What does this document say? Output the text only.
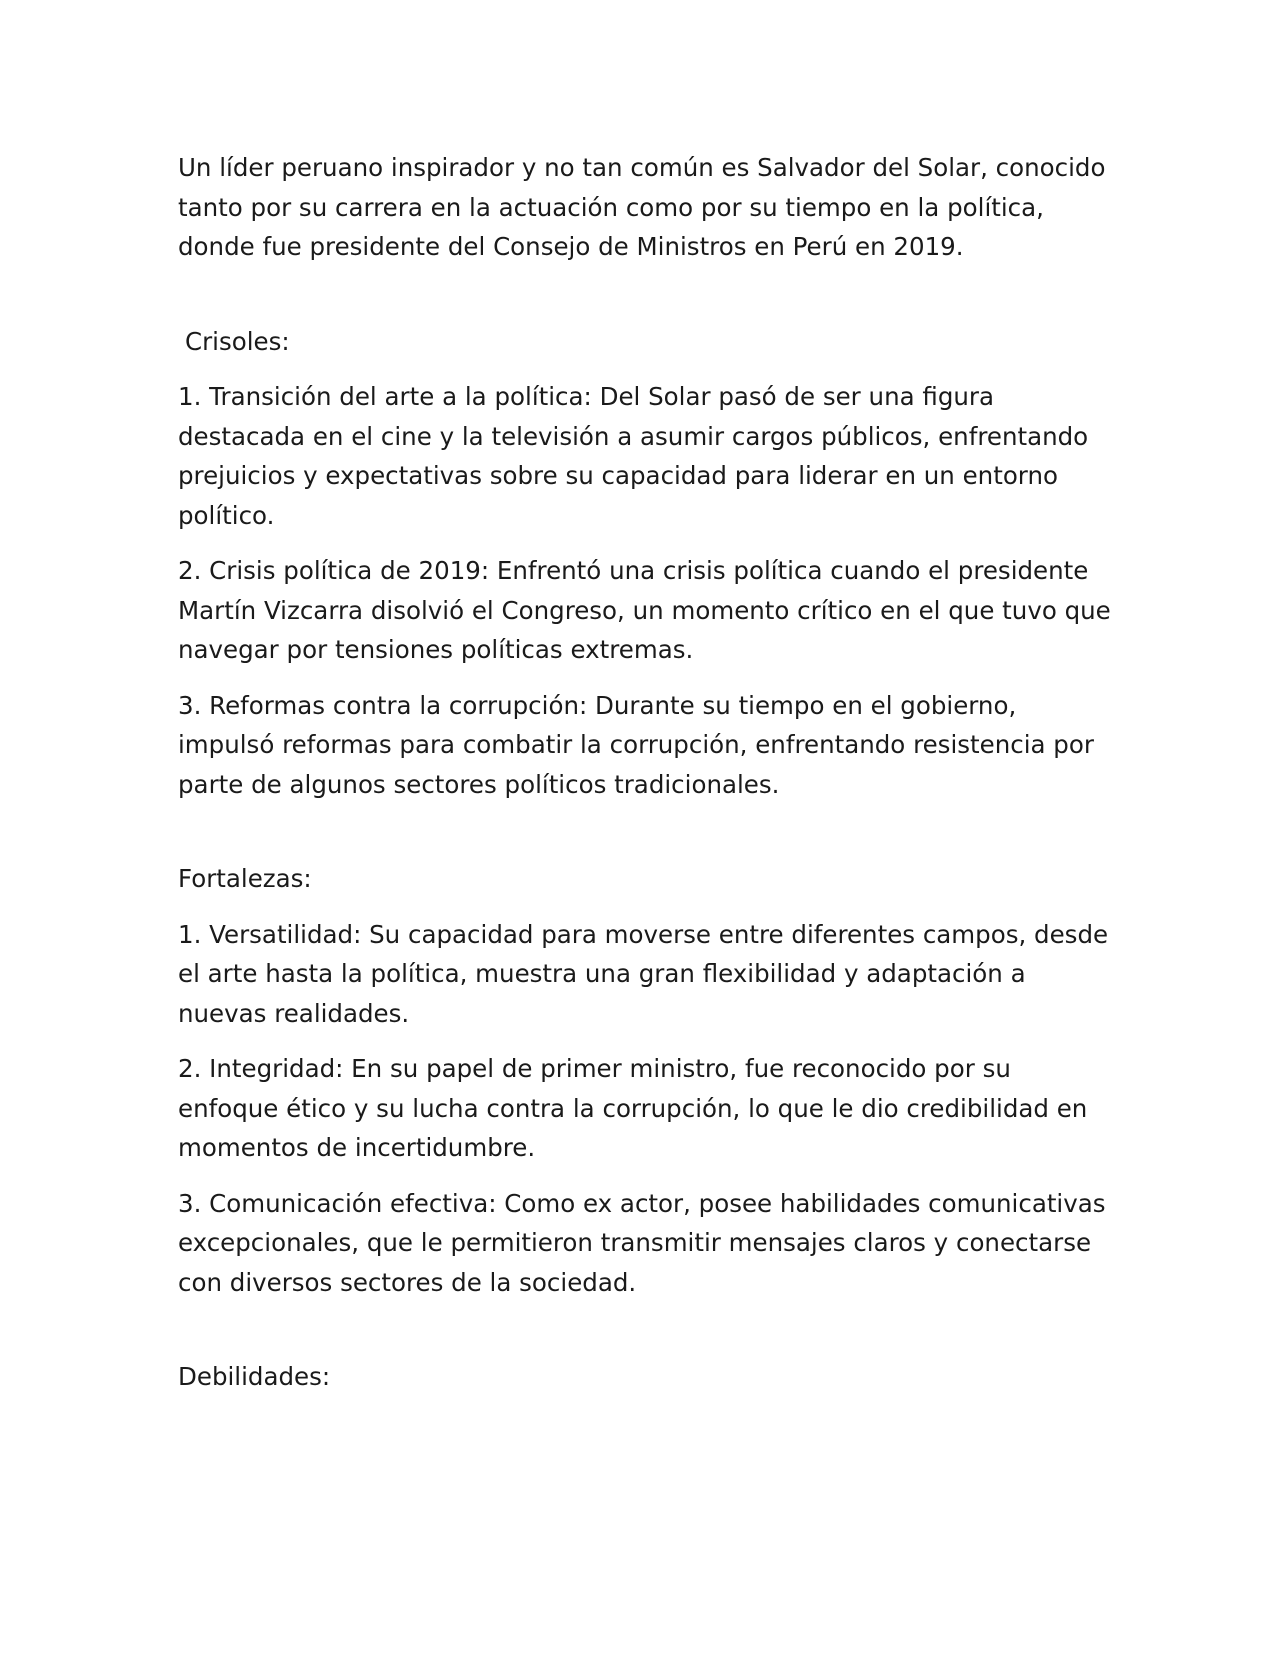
Un líder peruano inspirador y no tan común es Salvador del Solar, conocido tanto por su carrera en la actuación como por su tiempo en la política, donde fue presidente del Consejo de Ministros en Perú en 2019.

Crisoles:

1. Transición del arte a la política: Del Solar pasó de ser una figura destacada en el cine y la televisión a asumir cargos públicos, enfrentando prejuicios y expectativas sobre su capacidad para liderar en un entorno político.

2. Crisis política de 2019: Enfrentó una crisis política cuando el presidente Martín Vizcarra disolvió el Congreso, un momento crítico en el que tuvo que navegar por tensiones políticas extremas.

3. Reformas contra la corrupción: Durante su tiempo en el gobierno, impulsó reformas para combatir la corrupción, enfrentando resistencia por parte de algunos sectores políticos tradicionales.

Fortalezas:

1. Versatilidad: Su capacidad para moverse entre diferentes campos, desde el arte hasta la política, muestra una gran flexibilidad y adaptación a nuevas realidades.

2. Integridad: En su papel de primer ministro, fue reconocido por su enfoque ético y su lucha contra la corrupción, lo que le dio credibilidad en momentos de incertidumbre.

3. Comunicación efectiva: Como ex actor, posee habilidades comunicativas excepcionales, que le permitieron transmitir mensajes claros y conectarse con diversos sectores de la sociedad.

Debilidades:
